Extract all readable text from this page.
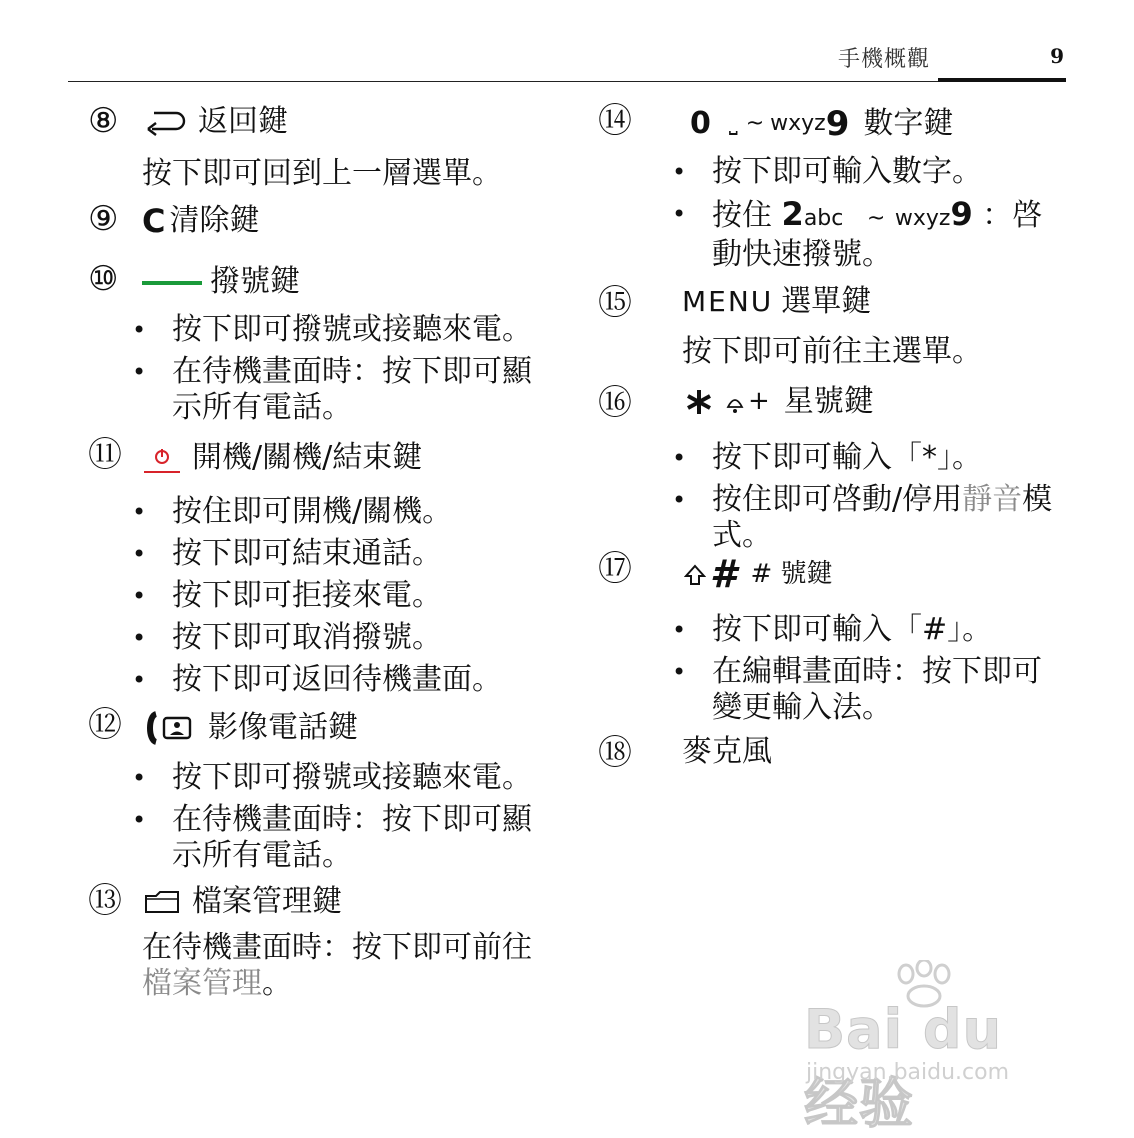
手機概觀	9
⑧	返回鍵
按下即可回到上一層選單。
⑨ C 清除鍵
⑩	撥號鍵
• 按下即可撥號或接聽來電。
• 在待機畫面時：按下即可顯示所有電話。
⑪ 開機/關機/結束鍵
• 按住即可開機/關機。
• 按下即可結束通話。
• 按下即可拒接來電。
• 按下即可取消撥號。
• 按下即可返回待機畫面。
⑫	影像電話鍵
• 按下即可撥號或接聽來電。
• 在待機畫面時：按下即可顯示所有電話。
⑬ 檔案管理鍵
在待機畫面時：按下即可前往檔案管理。
⑭ 0 ⎵ ~ wxyz 9 數字鍵
• 按下即可輸入數字。
• 按住 2abc ~ wxyz9 ：啓動快速撥號。
⑮ MENU 選單鍵
按下即可前往主選單。
⑯	+ 星號鍵
• 按下即可輸入「*」。
• 按住即可啓動/停用靜音模式。
⑰ # # 號鍵
• 按下即可輸入「#」。
• 在編輯畫面時：按下即可變更輸入法。
⑱ 麥克風
Bai du 经验
jingyan.baidu.com
